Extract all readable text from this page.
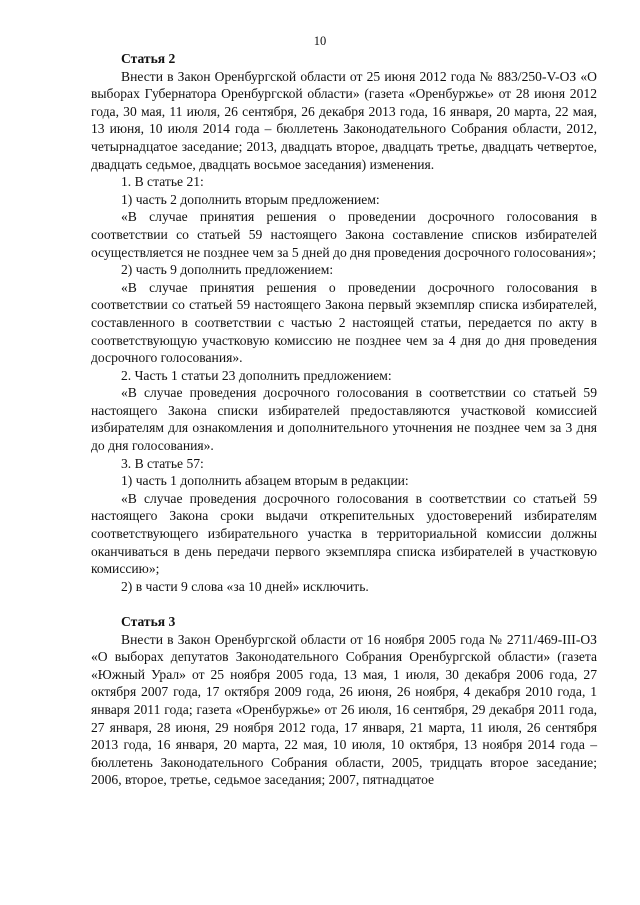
10

Статья 2

Внести в Закон Оренбургской области от 25 июня 2012 года № 883/250-V-ОЗ «О выборах Губернатора Оренбургской области» (газета «Оренбуржье» от 28 июня 2012 года, 30 мая, 11 июля, 26 сентября, 26 декабря 2013 года, 16 января, 20 марта, 22 мая, 13 июня, 10 июля 2014 года – бюллетень Законодательного Собрания области, 2012, четырнадцатое заседание; 2013, двадцать второе, двадцать третье, двадцать четвертое, двадцать седьмое, двадцать восьмое заседания) изменения.

1. В статье 21:

1) часть 2 дополнить вторым предложением:

«В случае принятия решения о проведении досрочного голосования в соответствии со статьей 59 настоящего Закона составление списков избирателей осуществляется не позднее чем за 5 дней до дня проведения досрочного голосования»;

2) часть 9 дополнить предложением:

«В случае принятия решения о проведении досрочного голосования в соответствии со статьей 59 настоящего Закона первый экземпляр списка избирателей, составленного в соответствии с частью 2 настоящей статьи, передается по акту в соответствующую участковую комиссию не позднее чем за 4 дня до дня проведения досрочного голосования».

2. Часть 1 статьи 23 дополнить предложением:

«В случае проведения досрочного голосования в соответствии со статьей 59 настоящего Закона списки избирателей предоставляются участковой комиссией избирателям для ознакомления и дополнительного уточнения не позднее чем за 3 дня до дня голосования».

3. В статье 57:

1) часть 1 дополнить абзацем вторым в редакции:

«В случае проведения досрочного голосования в соответствии со статьей 59 настоящего Закона сроки выдачи открепительных удостоверений избирателям соответствующего избирательного участка в территориальной комиссии должны оканчиваться в день передачи первого экземпляра списка избирателей в участковую комиссию»;

2) в части 9 слова «за 10 дней» исключить.

Статья 3

Внести в Закон Оренбургской области от 16 ноября 2005 года № 2711/469-III-ОЗ «О выборах депутатов Законодательного Собрания Оренбургской области» (газета «Южный Урал» от 25 ноября 2005 года, 13 мая, 1 июля, 30 декабря 2006 года, 27 октября 2007 года, 17 октября 2009 года, 26 июня, 26 ноября, 4 декабря 2010 года, 1 января 2011 года; газета «Оренбуржье» от 26 июля, 16 сентября, 29 декабря 2011 года, 27 января, 28 июня, 29 ноября 2012 года, 17 января, 21 марта, 11 июля, 26 сентября 2013 года, 16 января, 20 марта, 22 мая, 10 июля, 10 октября, 13 ноября 2014 года – бюллетень Законодательного Собрания области, 2005, тридцать второе заседание; 2006, второе, третье, седьмое заседания; 2007, пятнадцатое
